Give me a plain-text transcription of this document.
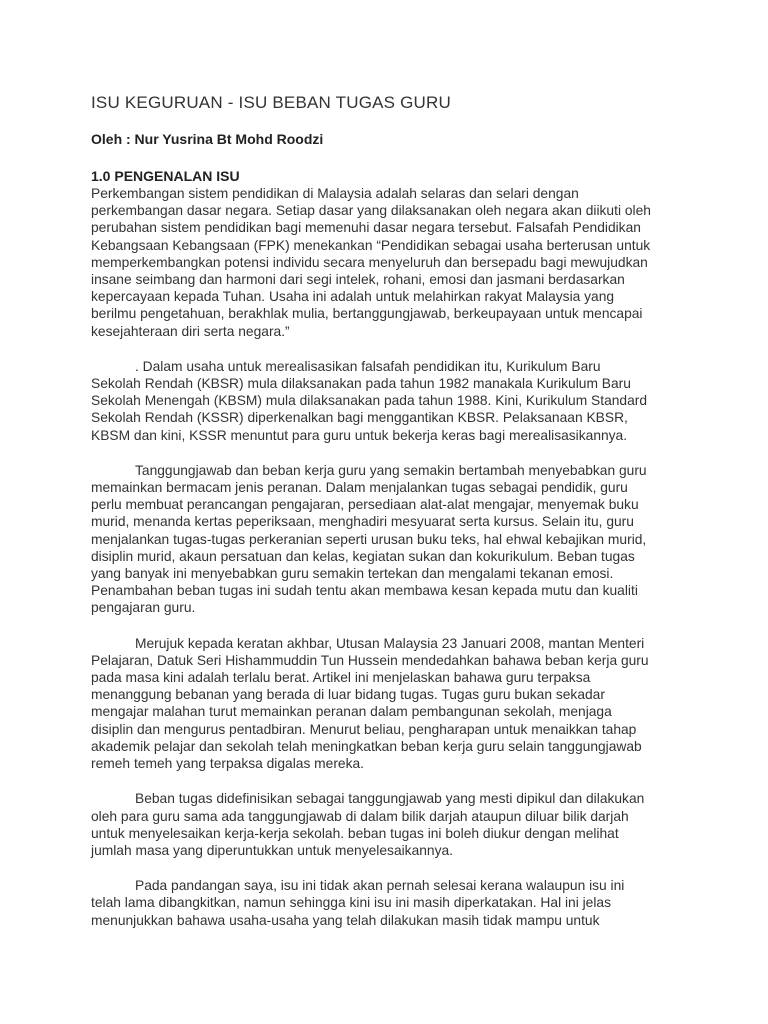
ISU KEGURUAN - ISU BEBAN TUGAS GURU
Oleh : Nur Yusrina Bt Mohd Roodzi
1.0 PENGENALAN ISU
Perkembangan sistem pendidikan di Malaysia adalah selaras dan selari dengan
perkembangan dasar negara. Setiap dasar yang dilaksanakan oleh negara akan diikuti oleh
perubahan sistem pendidikan bagi memenuhi dasar negara tersebut. Falsafah Pendidikan
Kebangsaan Kebangsaan (FPK) menekankan “Pendidikan sebagai usaha berterusan untuk
memperkembangkan potensi individu secara menyeluruh dan bersepadu bagi mewujudkan
insane seimbang dan harmoni dari segi intelek, rohani, emosi dan jasmani berdasarkan
kepercayaan kepada Tuhan. Usaha ini adalah untuk melahirkan rakyat Malaysia yang
berilmu pengetahuan, berakhlak mulia, bertanggungjawab, berkeupayaan untuk mencapai
kesejahteraan diri serta negara.”
. Dalam usaha untuk merealisasikan falsafah pendidikan itu, Kurikulum Baru
Sekolah Rendah (KBSR) mula dilaksanakan pada tahun 1982 manakala Kurikulum Baru
Sekolah Menengah (KBSM) mula dilaksanakan pada tahun 1988. Kini, Kurikulum Standard
Sekolah Rendah (KSSR) diperkenalkan bagi menggantikan KBSR. Pelaksanaan KBSR,
KBSM dan kini, KSSR menuntut para guru untuk bekerja keras bagi merealisasikannya.
Tanggungjawab dan beban kerja guru yang semakin bertambah menyebabkan guru
memainkan bermacam jenis peranan. Dalam menjalankan tugas sebagai pendidik, guru
perlu membuat perancangan pengajaran, persediaan alat-alat mengajar, menyemak buku
murid, menanda kertas peperiksaan, menghadiri mesyuarat serta kursus. Selain itu, guru
menjalankan tugas-tugas perkeranian seperti urusan buku teks, hal ehwal kebajikan murid,
disiplin murid, akaun persatuan dan kelas, kegiatan sukan dan kokurikulum. Beban tugas
yang banyak ini menyebabkan guru semakin tertekan dan mengalami tekanan emosi.
Penambahan beban tugas ini sudah tentu akan membawa kesan kepada mutu dan kualiti
pengajaran guru.
Merujuk kepada keratan akhbar, Utusan Malaysia 23 Januari 2008, mantan Menteri
Pelajaran, Datuk Seri Hishammuddin Tun Hussein mendedahkan bahawa beban kerja guru
pada masa kini adalah terlalu berat. Artikel ini menjelaskan bahawa guru terpaksa
menanggung bebanan yang berada di luar bidang tugas. Tugas guru bukan sekadar
mengajar malahan turut memainkan peranan dalam pembangunan sekolah, menjaga
disiplin dan mengurus pentadbiran. Menurut beliau, pengharapan untuk menaikkan tahap
akademik pelajar dan sekolah telah meningkatkan beban kerja guru selain tanggungjawab
remeh temeh yang terpaksa digalas mereka.
Beban tugas didefinisikan sebagai tanggungjawab yang mesti dipikul dan dilakukan
oleh para guru sama ada tanggungjawab di dalam bilik darjah ataupun diluar bilik darjah
untuk menyelesaikan kerja-kerja sekolah. beban tugas ini boleh diukur dengan melihat
jumlah masa yang diperuntukkan untuk menyelesaikannya.
Pada pandangan saya, isu ini tidak akan pernah selesai kerana walaupun isu ini
telah lama dibangkitkan, namun sehingga kini isu ini masih diperkatakan. Hal ini jelas
menunjukkan bahawa usaha-usaha yang telah dilakukan masih tidak mampu untuk
